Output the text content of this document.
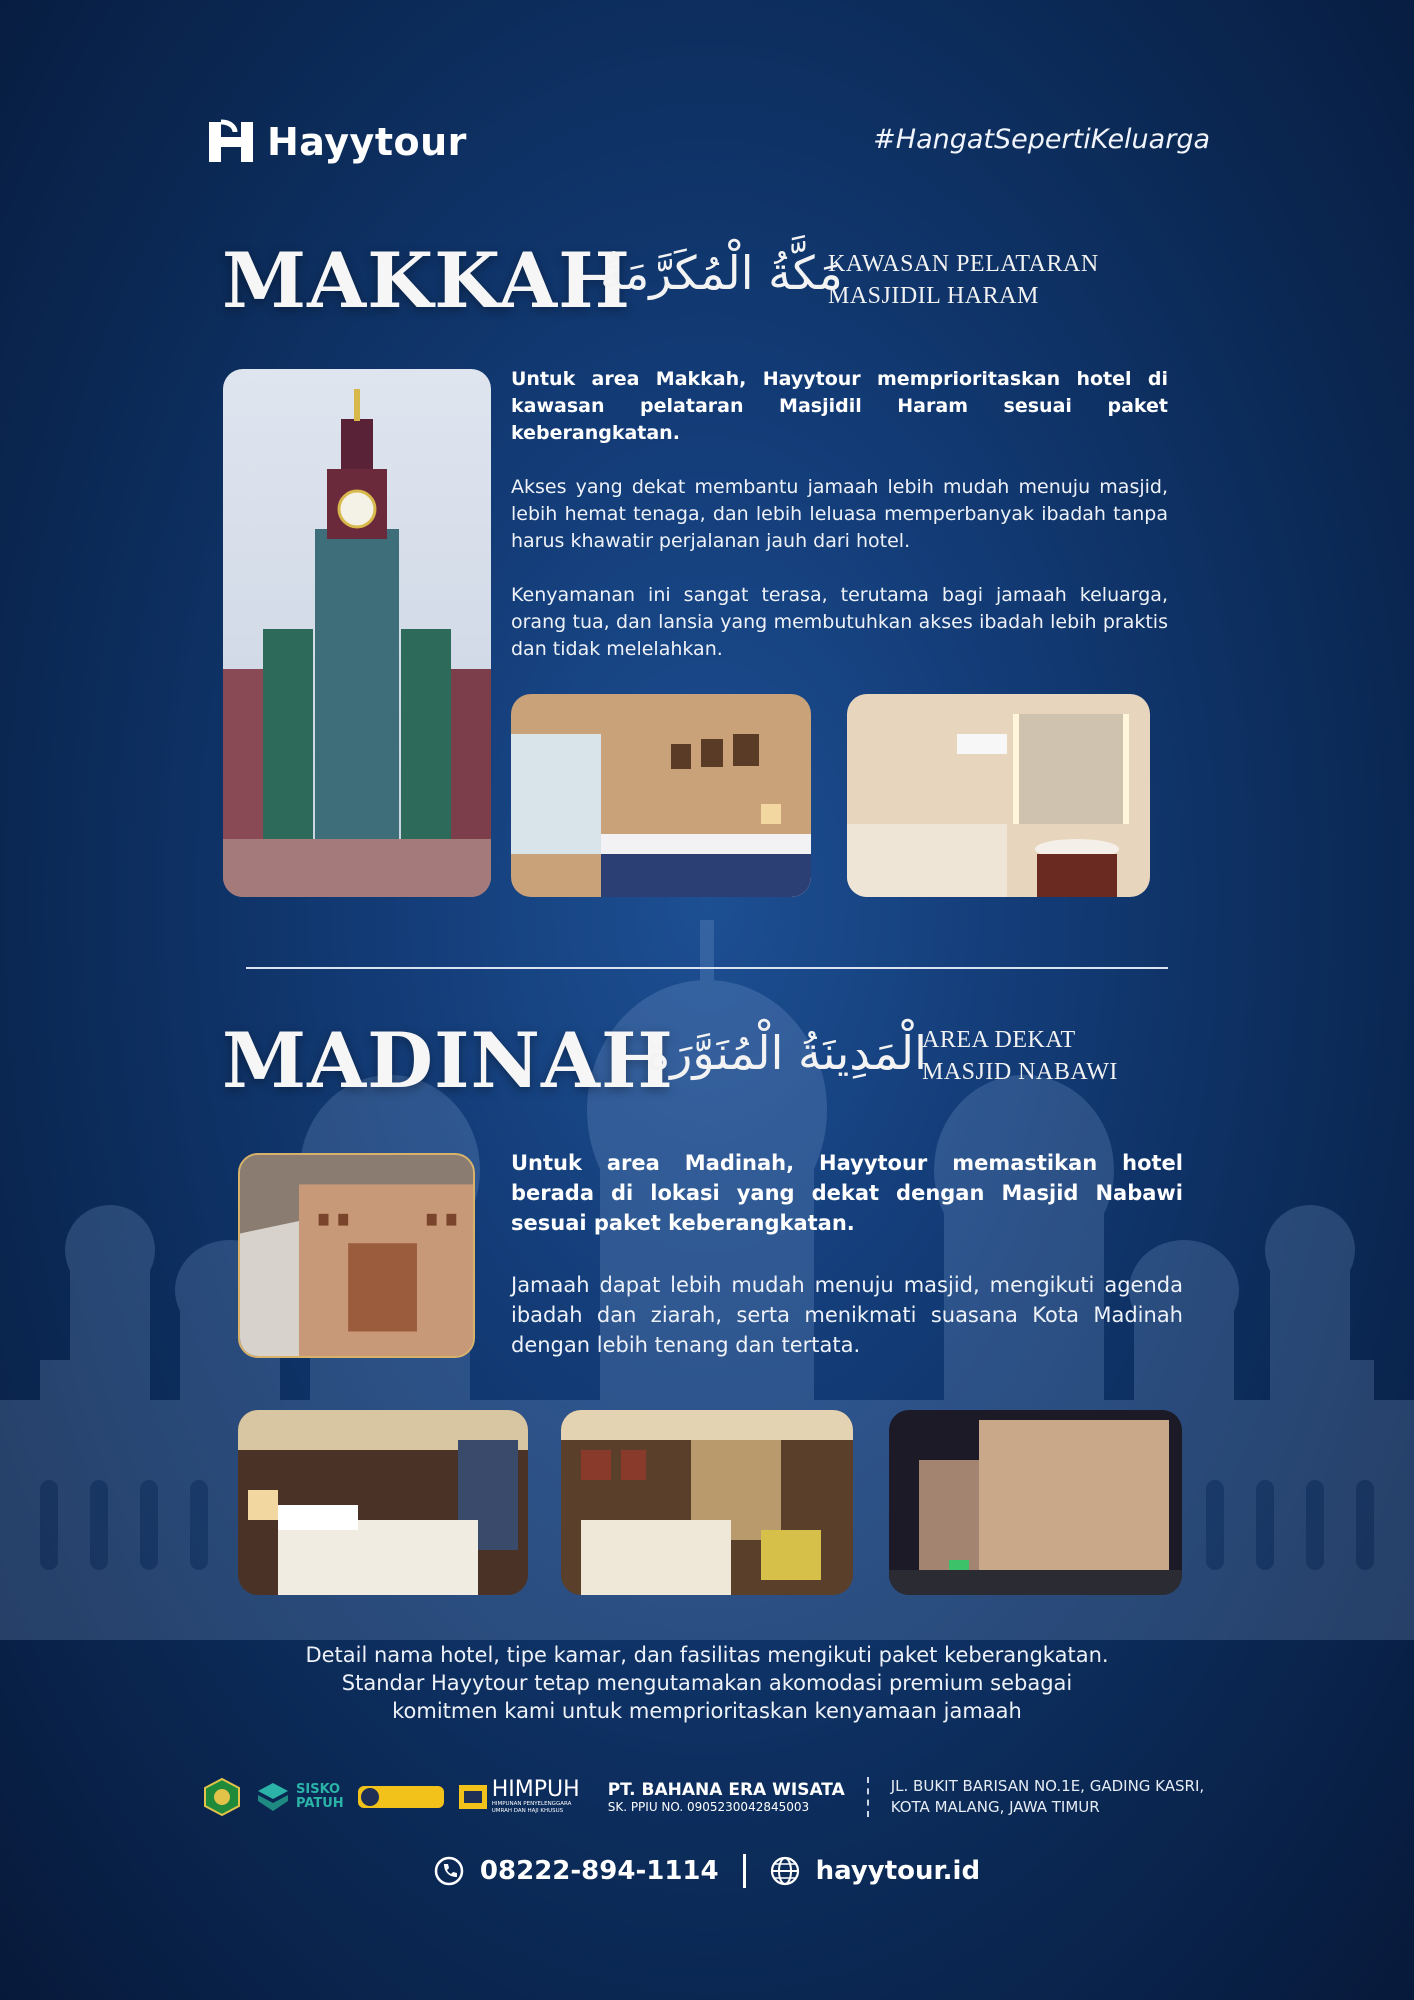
Hayytour	#HangatSepertiKeluarga
MAKKAH
مَكَّةُ الْمُكَرَّمَةُ
KAWASAN PELATARAN
MASJIDIL HARAM
Untuk area Makkah, Hayytour memprioritaskan hotel di kawasan pelataran Masjidil Haram sesuai paket keberangkatan.
Akses yang dekat membantu jamaah lebih mudah menuju masjid, lebih hemat tenaga, dan lebih leluasa memperbanyak ibadah tanpa harus khawatir perjalanan jauh dari hotel.
Kenyamanan ini sangat terasa, terutama bagi jamaah keluarga, orang tua, dan lansia yang membutuhkan akses ibadah lebih praktis dan tidak melelahkan.
MADINAH
الْمَدِينَةُ الْمُنَوَّرَة
AREA DEKAT
MASJID NABAWI
Untuk area Madinah, Hayytour memastikan hotel berada di lokasi yang dekat dengan Masjid Nabawi sesuai paket keberangkatan.
Jamaah dapat lebih mudah menuju masjid, mengikuti agenda ibadah dan ziarah, serta menikmati suasana Kota Madinah dengan lebih tenang dan tertata.
Detail nama hotel, tipe kamar, dan fasilitas mengikuti paket keberangkatan.
Standar Hayytour tetap mengutamakan akomodasi premium sebagai
komitmen kami untuk memprioritaskan kenyamaan jamaah
SISKO
PATUH
HIMPUH
HIMPUNAN PENYELENGGARA UMRAH DAN HAJI KHUSUS
PT. BAHANA ERA WISATA
SK. PPIU NO. 0905230042845003
JL. BUKIT BARISAN NO.1E, GADING KASRI,
KOTA MALANG, JAWA TIMUR
08222-894-1114	hayytour.id
